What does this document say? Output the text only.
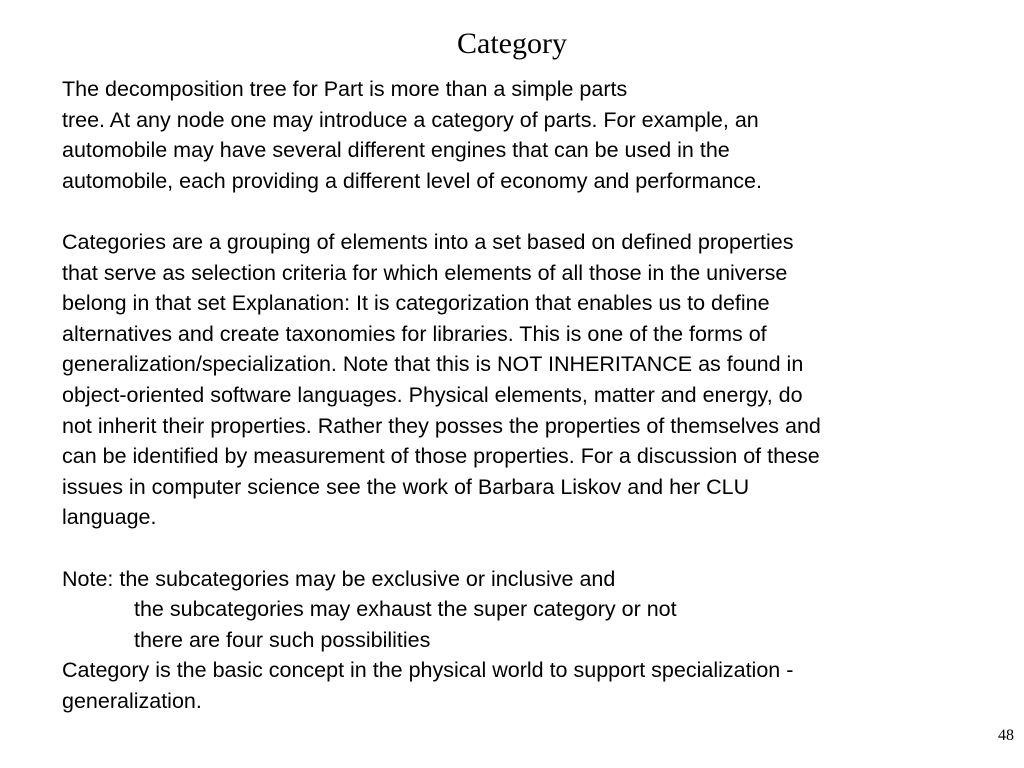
Category
The decomposition tree for Part is more than a simple parts
tree. At any node one may introduce a category of parts. For example, an
automobile may have several different engines that can be used in the
automobile, each providing a different level of economy and performance.
Categories are a grouping of elements into a set based on defined properties
that serve as selection criteria for which elements of all those in the universe
belong in that set Explanation: It is categorization that enables us to define
alternatives and create taxonomies for libraries. This is one of the forms of
generalization/specialization. Note that this is NOT INHERITANCE as found in
object-oriented software languages. Physical elements, matter and energy, do
not inherit their properties. Rather they posses the properties of themselves and
can be identified by measurement of those properties. For a discussion of these
issues in computer science see the work of Barbara Liskov and her CLU
language.
Note: the subcategories may be exclusive or inclusive and
the subcategories may exhaust the super category or not
there are four such possibilities
Category is the basic concept in the physical world to support specialization -
generalization.
48
